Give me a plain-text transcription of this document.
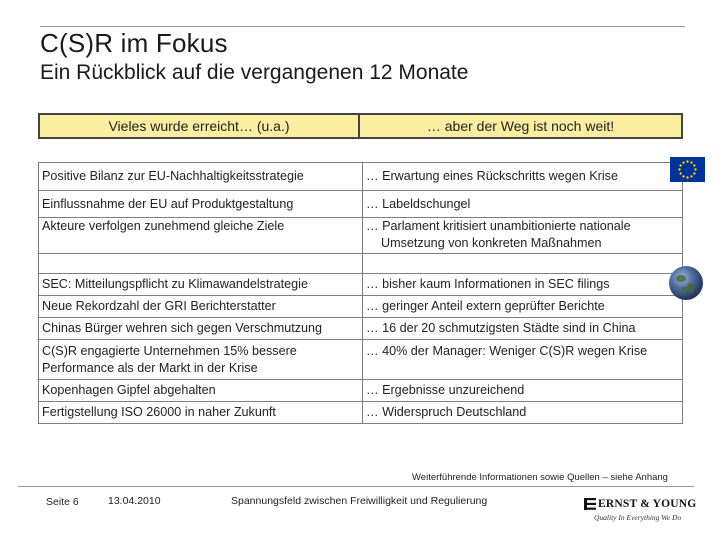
C(S)R im Fokus
Ein Rückblick auf die vergangenen 12 Monate
Vieles wurde erreicht… (u.a.)	… aber der Weg ist noch weit!
Positive Bilanz zur EU-Nachhaltigkeitsstrategie	… Erwartung eines Rückschritts wegen Krise
Einflussnahme der EU auf Produktgestaltung	… Labeldschungel
Akteure verfolgen zunehmend gleiche Ziele	… Parlament kritisiert unambitionierte nationale Umsetzung von konkreten Maßnahmen

SEC: Mitteilungspflicht zu Klimawandelstrategie	… bisher kaum Informationen in SEC filings
Neue Rekordzahl der GRI Berichterstatter	… geringer Anteil extern geprüfter Berichte
Chinas Bürger wehren sich gegen Verschmutzung	… 16 der 20 schmutzigsten Städte sind in China
C(S)R engagierte Unternehmen 15% bessere Performance als der Markt in der Krise	… 40% der Manager: Weniger C(S)R wegen Krise
Kopenhagen Gipfel abgehalten	… Ergebnisse unzureichend
Fertigstellung ISO 26000 in naher Zukunft	… Widerspruch Deutschland
Weiterführende Informationen sowie Quellen – siehe Anhang
Seite 6	13.04.2010	Spannungsfeld zwischen Freiwilligkeit und Regulierung	ERNST & YOUNG
Quality In Everything We Do
